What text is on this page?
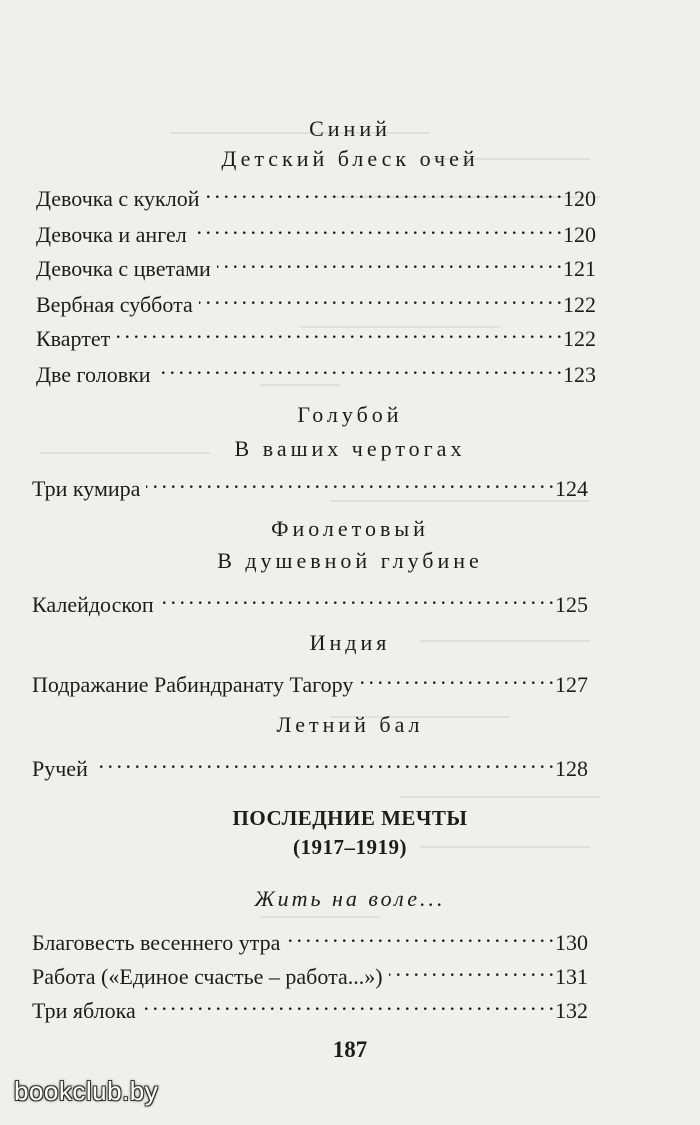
Синий
Детский блеск очей
Девочка с куклой . . .	120
Девочка и ангел . . .	120
Девочка с цветами . . .	121
Вербная суббота . . .	122
Квартет . . .	122
Две головки . . .	123
Голубой
В ваших чертогах
Три кумира . . .	124
Фиолетовый
В душевной глубине
Калейдоскоп . . .	125
Индия
Подражание Рабиндранату Тагору . . .	127
Летний бал
Ручей . . .	128
ПОСЛЕДНИЕ МЕЧТЫ
(1917–1919)
Жить на воле...
Благовесть весеннего утра . . .	130
Работа («Единое счастье – работа...») . . .	131
Три яблока . . .	132
187
bookclub.by
